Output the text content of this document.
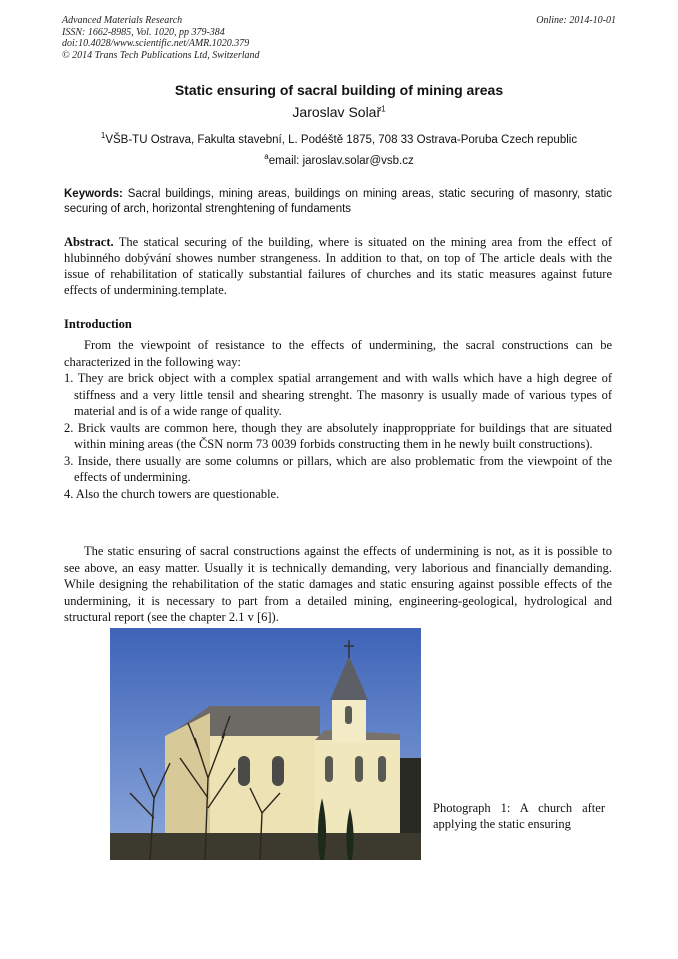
Advanced Materials Research
ISSN: 1662-8985, Vol. 1020, pp 379-384
doi:10.4028/www.scientific.net/AMR.1020.379
© 2014 Trans Tech Publications Ltd, Switzerland
Online: 2014-10-01
Static ensuring of sacral building of mining areas
Jaroslav Solař$^1$
$^1$VŠB-TU Ostrava, Fakulta stavební, L. Podéště 1875, 708 33 Ostrava-Poruba Czech republic
$^a$email: jaroslav.solar@vsb.cz
Keywords: Sacral buildings, mining areas, buildings on mining areas, static securing of masonry, static securing of arch, horizontal strenghtening of fundaments
Abstract. The statical securing of the building, where is situated on the mining area from the effect of hlubinného dobývání showes number strangeness. In addition to that, on top of The article deals with the issue of rehabilitation of statically substantial failures of churches and its static measures against future effects of undermining.template.
Introduction
From the viewpoint of resistance to the effects of undermining, the sacral constructions can be characterized in the following way:
1. They are brick object with a complex spatial arrangement and with walls which have a high degree of stiffness and a very little tensil and shearing strenght. The masonry is usually made of various types of material and is of a wide range of quality.
2. Brick vaults are common here, though they are absolutely inapproppriate for buildings that are situated within mining areas (the ČSN norm 73 0039 forbids constructing them in he newly built constructions).
3. Inside, there usually are some columns or pillars, which are also problematic from the viewpoint of the effects of undermining.
4. Also the church towers are questionable.
The static ensuring of sacral constructions against the effects of undermining is not, as it is possible to see above, an easy matter. Usually it is technically demanding, very laborious and financially demanding. While designing the rehabilitation of the static damages and static ensuring against possible effects of the undermining, it is necessary to part from a detailed mining, engineering-geological, hydrological and structural report (see the chapter 2.1 v [6]).
Photograph 1: A church after applying the static ensuring
